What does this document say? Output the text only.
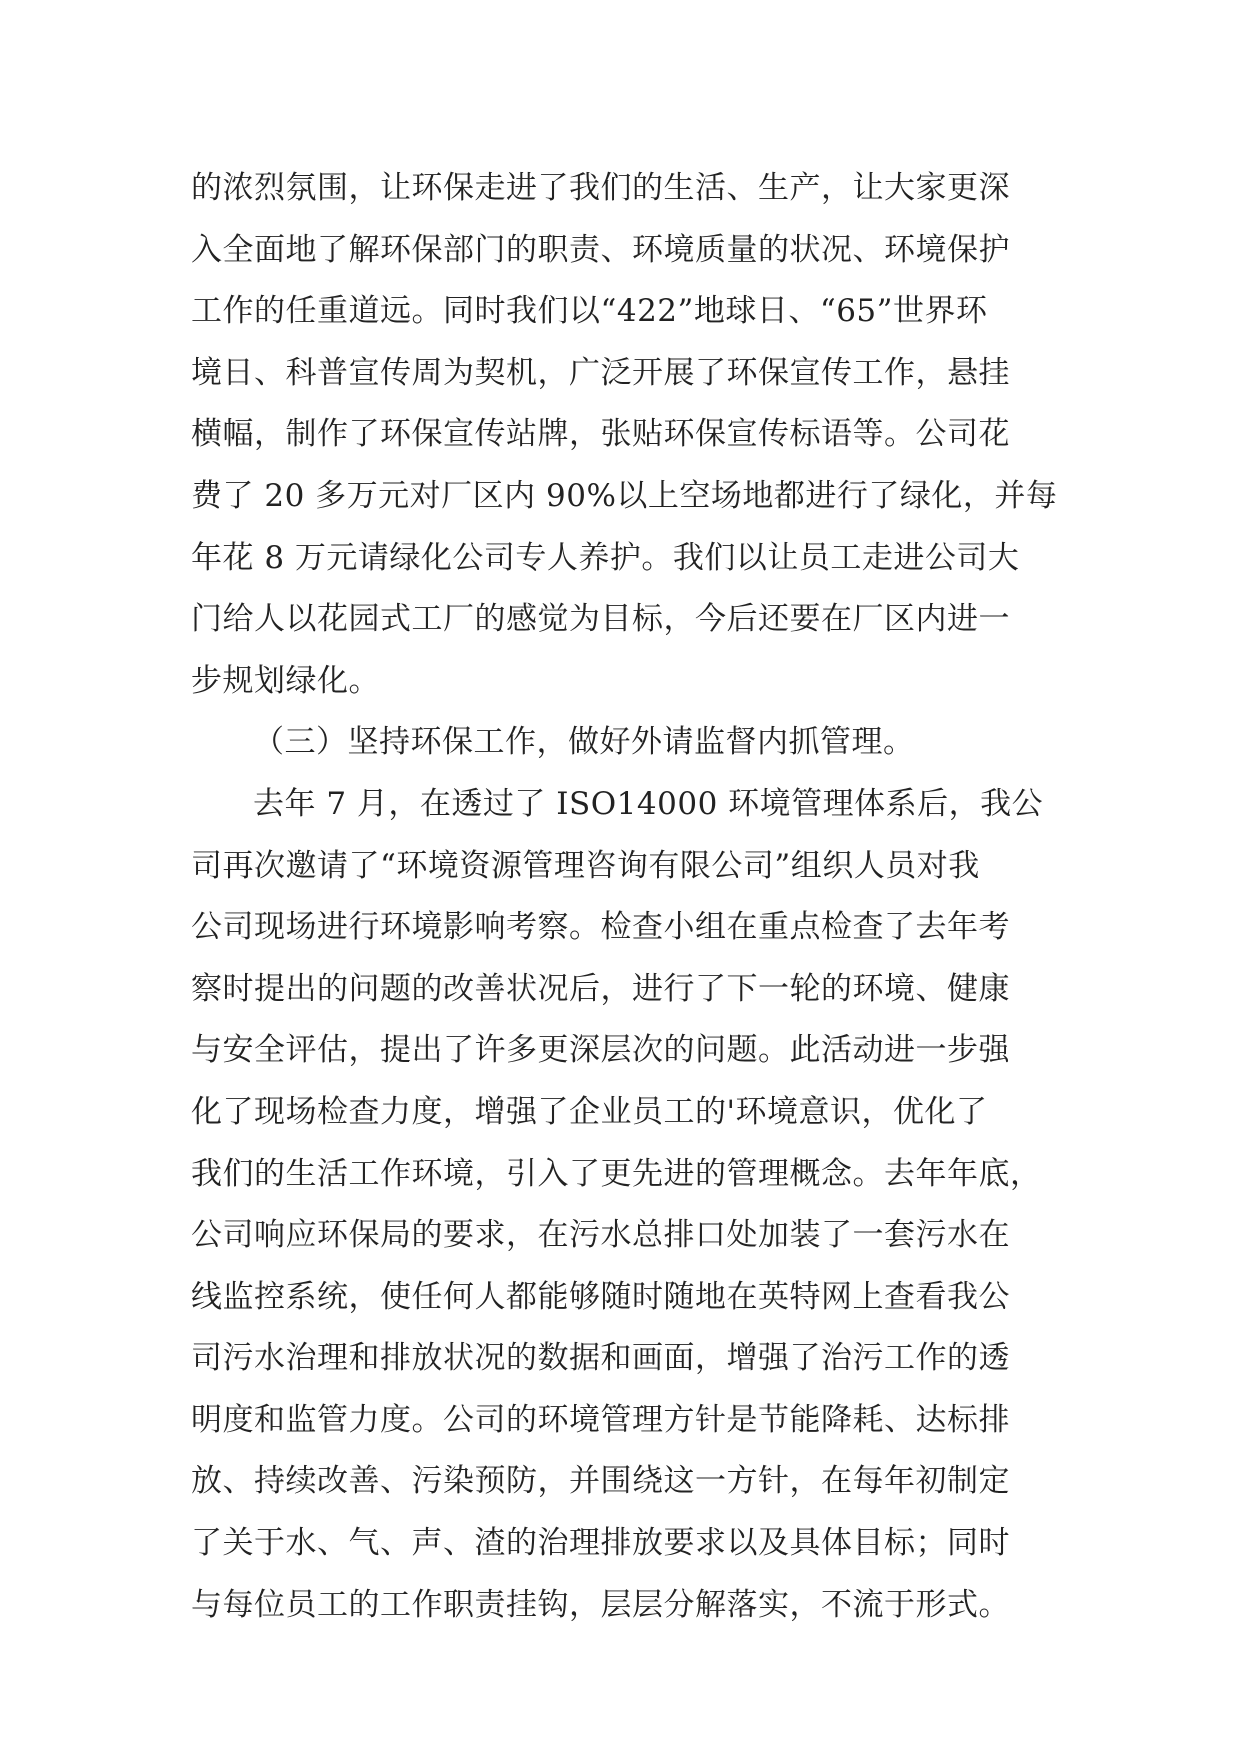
的浓烈氛围，让环保走进了我们的生活、生产，让大家更深
入全面地了解环保部门的职责、环境质量的状况、环境保护
工作的任重道远。同时我们以“422”地球日、“65”世界环
境日、科普宣传周为契机，广泛开展了环保宣传工作，悬挂
横幅，制作了环保宣传站牌，张贴环保宣传标语等。公司花
费了 20 多万元对厂区内 90%以上空场地都进行了绿化，并每
年花 8 万元请绿化公司专人养护。我们以让员工走进公司大
门给人以花园式工厂的感觉为目标，今后还要在厂区内进一
步规划绿化。
（三）坚持环保工作，做好外请监督内抓管理。
去年 7 月，在透过了 ISO14000 环境管理体系后，我公
司再次邀请了“环境资源管理咨询有限公司”组织人员对我
公司现场进行环境影响考察。检查小组在重点检查了去年考
察时提出的问题的改善状况后，进行了下一轮的环境、健康
与安全评估，提出了许多更深层次的问题。此活动进一步强
化了现场检查力度，增强了企业员工的'环境意识，优化了
我们的生活工作环境，引入了更先进的管理概念。去年年底，
公司响应环保局的要求，在污水总排口处加装了一套污水在
线监控系统，使任何人都能够随时随地在英特网上查看我公
司污水治理和排放状况的数据和画面，增强了治污工作的透
明度和监管力度。公司的环境管理方针是节能降耗、达标排
放、持续改善、污染预防，并围绕这一方针，在每年初制定
了关于水、气、声、渣的治理排放要求以及具体目标；同时
与每位员工的工作职责挂钩，层层分解落实，不流于形式。
